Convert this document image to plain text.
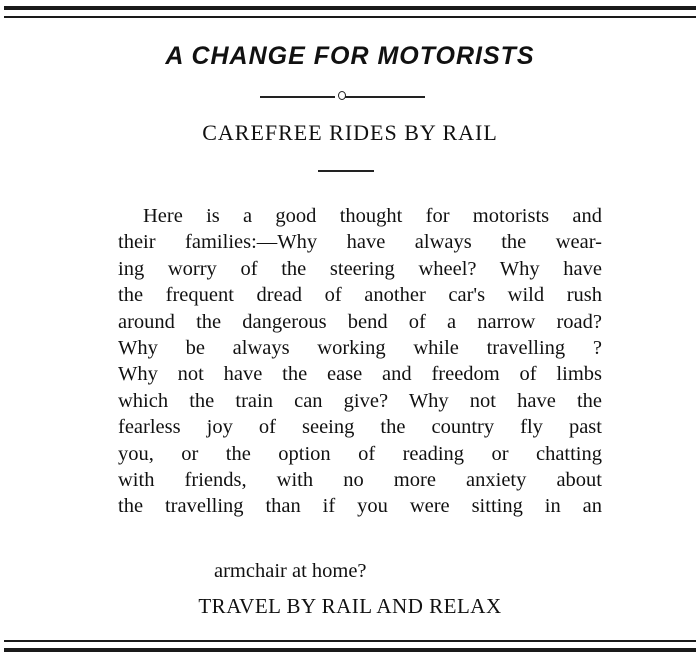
A CHANGE FOR MOTORISTS
CAREFREE RIDES BY RAIL
Here is a good thought for motorists and
their families:—Why have always the wear-
ing worry of the steering wheel? Why have
the frequent dread of another car's wild rush
around the dangerous bend of a narrow road?
Why be always working while travelling ?
Why not have the ease and freedom of limbs
which the train can give? Why not have the
fearless joy of seeing the country fly past
you, or the option of reading or chatting
with friends, with no more anxiety about
the travelling than if you were sitting in an
armchair at home?
TRAVEL BY RAIL AND RELAX
